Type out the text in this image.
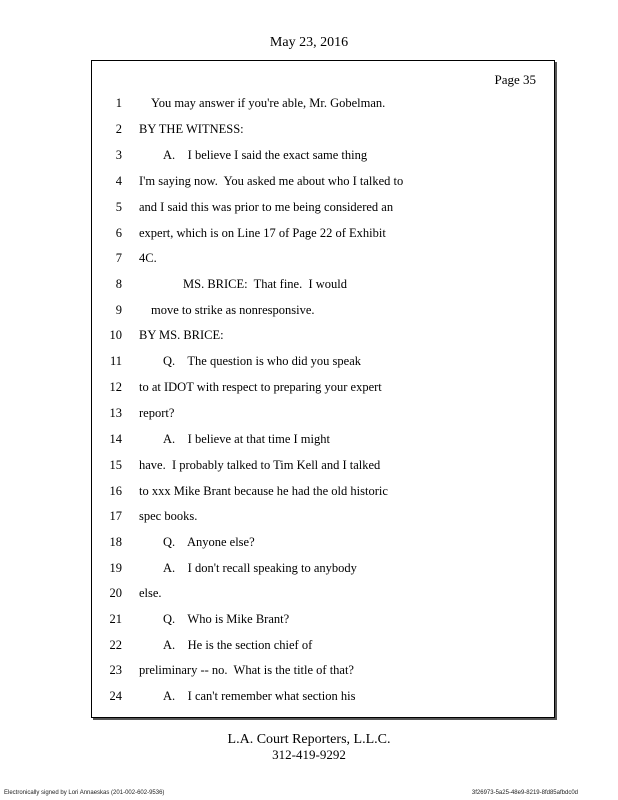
May 23, 2016
Page 35
1 You may answer if you're able, Mr. Gobelman.
2 BY THE WITNESS:
3	A.    I believe I said the exact same thing
4 I'm saying now.  You asked me about who I talked to
5 and I said this was prior to me being considered an
6 expert, which is on Line 17 of Page 22 of Exhibit
7 4C.
8	MS. BRICE:  That fine.  I would
9 move to strike as nonresponsive.
10 BY MS. BRICE:
11	Q.    The question is who did you speak
12 to at IDOT with respect to preparing your expert
13 report?
14	A.    I believe at that time I might
15 have.  I probably talked to Tim Kell and I talked
16 to xxx Mike Brant because he had the old historic
17 spec books.
18	Q.    Anyone else?
19	A.    I don't recall speaking to anybody
20 else.
21	Q.    Who is Mike Brant?
22	A.    He is the section chief of
23 preliminary -- no.  What is the title of that?
24	A.    I can't remember what section his
L.A. Court Reporters, L.L.C.
312-419-9292
Electronically signed by Lori Annaeskas (201-002-602-9536)	3f26973-5a25-48e9-8219-8fd85afbdc0d
